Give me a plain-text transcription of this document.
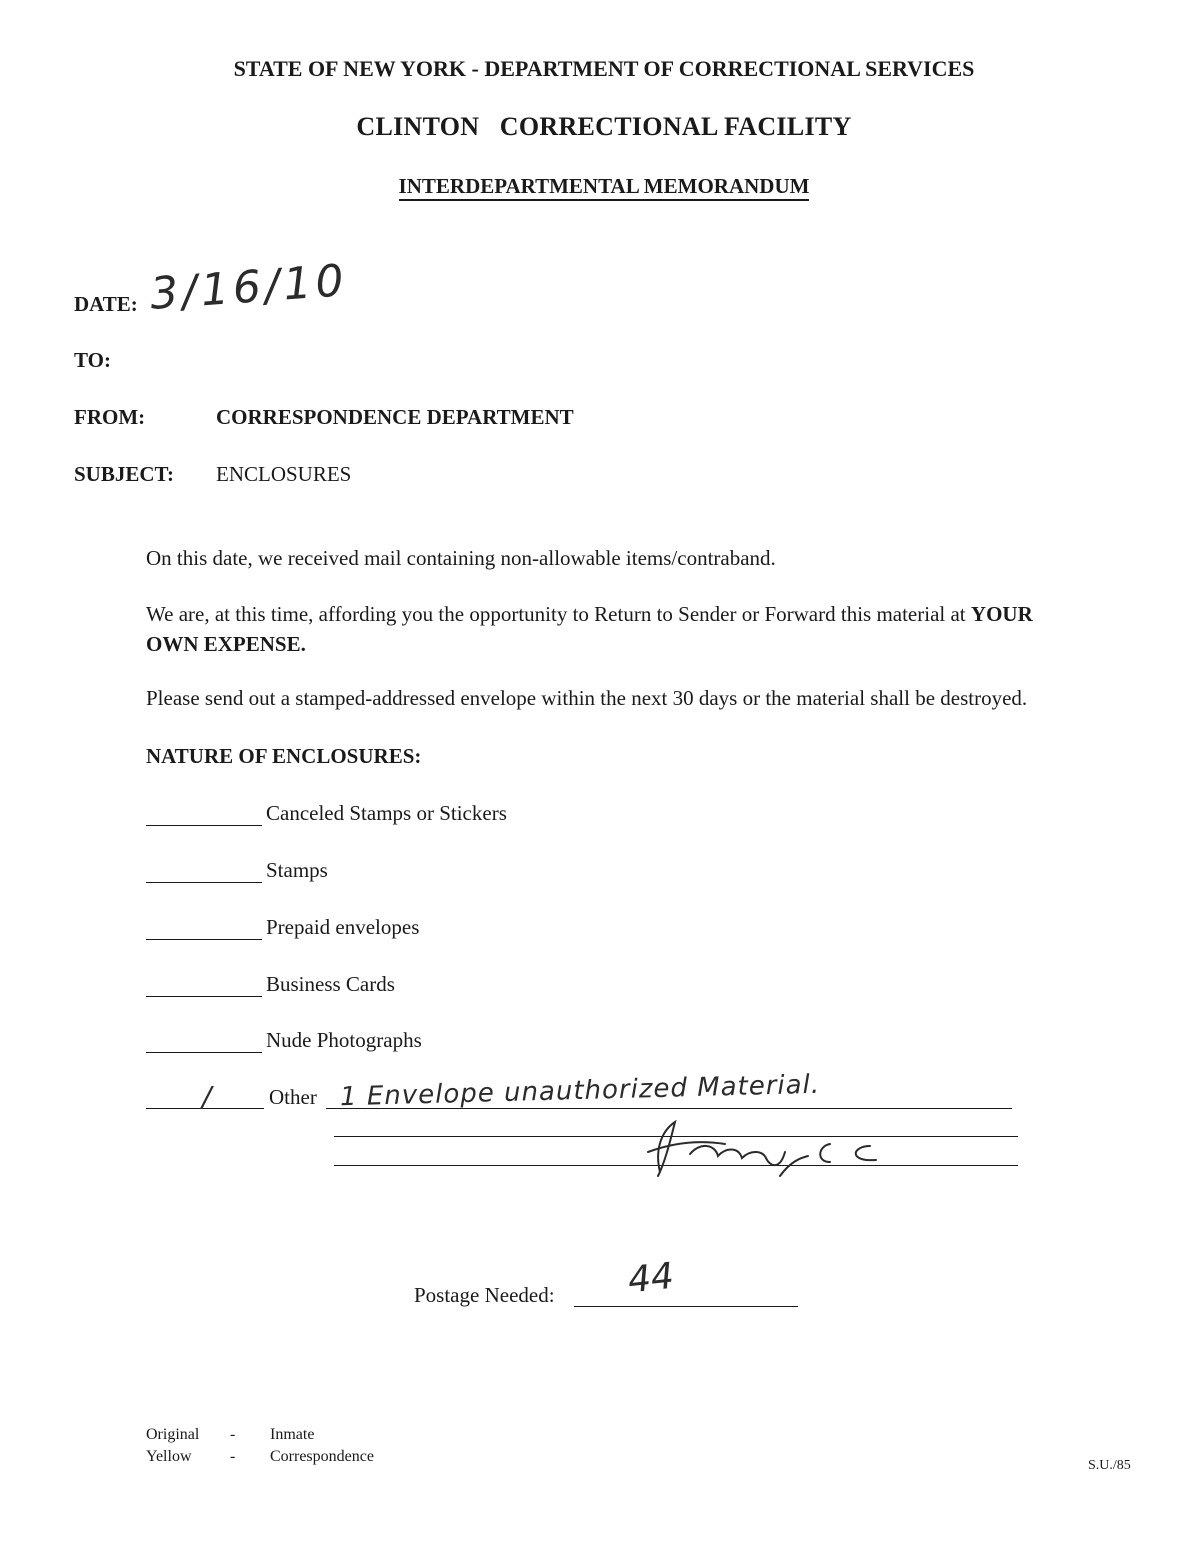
STATE OF NEW YORK - DEPARTMENT OF CORRECTIONAL SERVICES
CLINTON   CORRECTIONAL FACILITY
INTERDEPARTMENTAL MEMORANDUM
DATE: 3/16/10
TO:
FROM:	CORRESPONDENCE DEPARTMENT
SUBJECT: ENCLOSURES
On this date, we received mail containing non-allowable items/contraband.
We are, at this time, affording you the opportunity to Return to Sender or Forward this material at YOUR
OWN EXPENSE.
Please send out a stamped-addressed envelope within the next 30 days or the material shall be destroyed.
NATURE OF ENCLOSURES:
Canceled Stamps or Stickers
Stamps
Prepaid envelopes
Business Cards
Nude Photographs
/	Other 1 Envelope unauthorized Material.
Postage Needed: 44
Original - Inmate
Yellow - Correspondence
S.U./85
